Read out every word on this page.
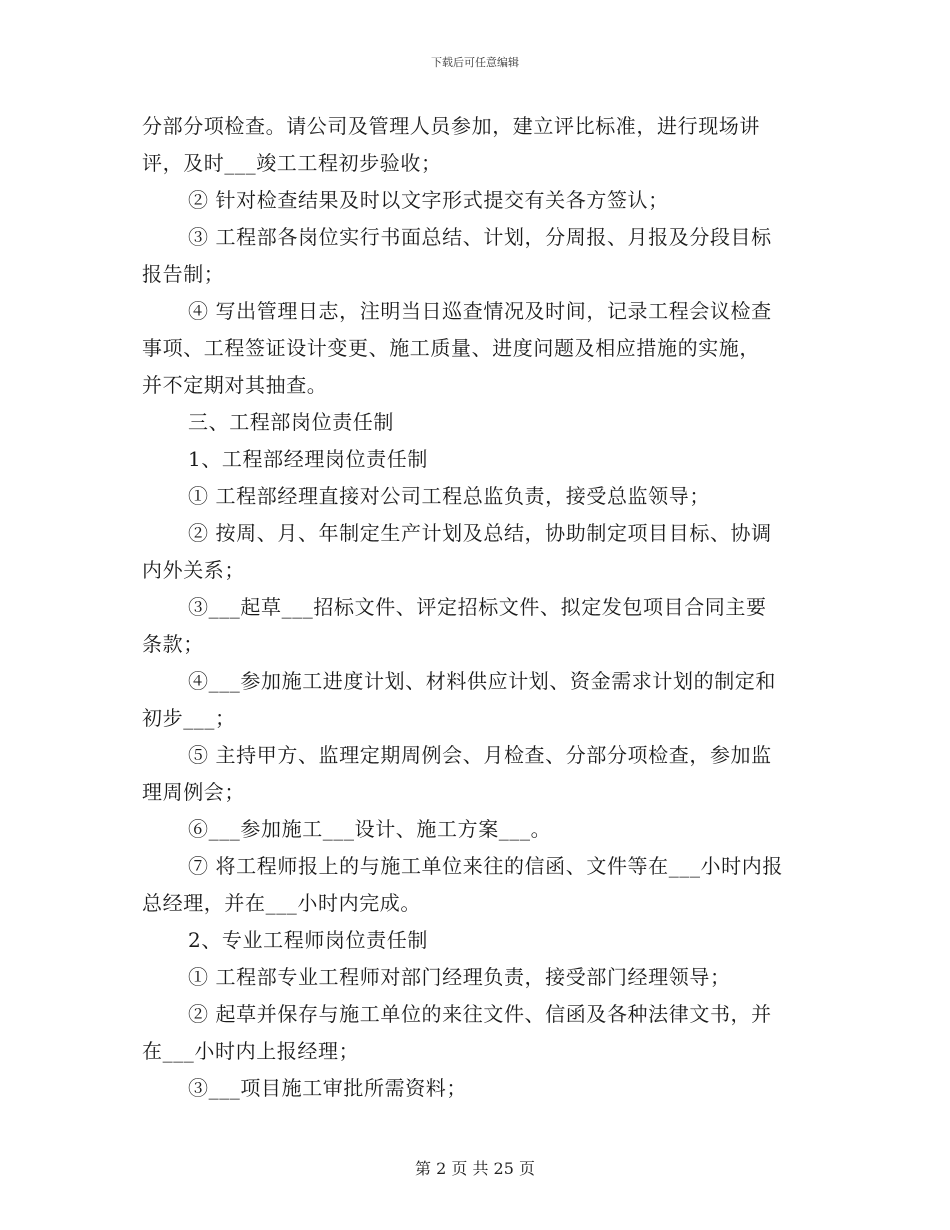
下载后可任意编辑
分部分项检查。请公司及管理人员参加，建立评比标准，进行现场讲
评，及时___竣工工程初步验收；
② 针对检查结果及时以文字形式提交有关各方签认；
③ 工程部各岗位实行书面总结、计划，分周报、月报及分段目标
报告制；
④ 写出管理日志，注明当日巡查情况及时间，记录工程会议检查
事项、工程签证设计变更、施工质量、进度问题及相应措施的实施，
并不定期对其抽查。
三、工程部岗位责任制
1、工程部经理岗位责任制
① 工程部经理直接对公司工程总监负责，接受总监领导；
② 按周、月、年制定生产计划及总结，协助制定项目目标、协调
内外关系；
③___起草___招标文件、评定招标文件、拟定发包项目合同主要
条款；
④___参加施工进度计划、材料供应计划、资金需求计划的制定和
初步___；
⑤ 主持甲方、监理定期周例会、月检查、分部分项检查，参加监
理周例会；
⑥___参加施工___设计、施工方案___。
⑦ 将工程师报上的与施工单位来往的信函、文件等在___小时内报
总经理，并在___小时内完成。
2、专业工程师岗位责任制
① 工程部专业工程师对部门经理负责，接受部门经理领导；
② 起草并保存与施工单位的来往文件、信函及各种法律文书，并
在___小时内上报经理；
③___项目施工审批所需资料；
第 2 页 共 25 页
